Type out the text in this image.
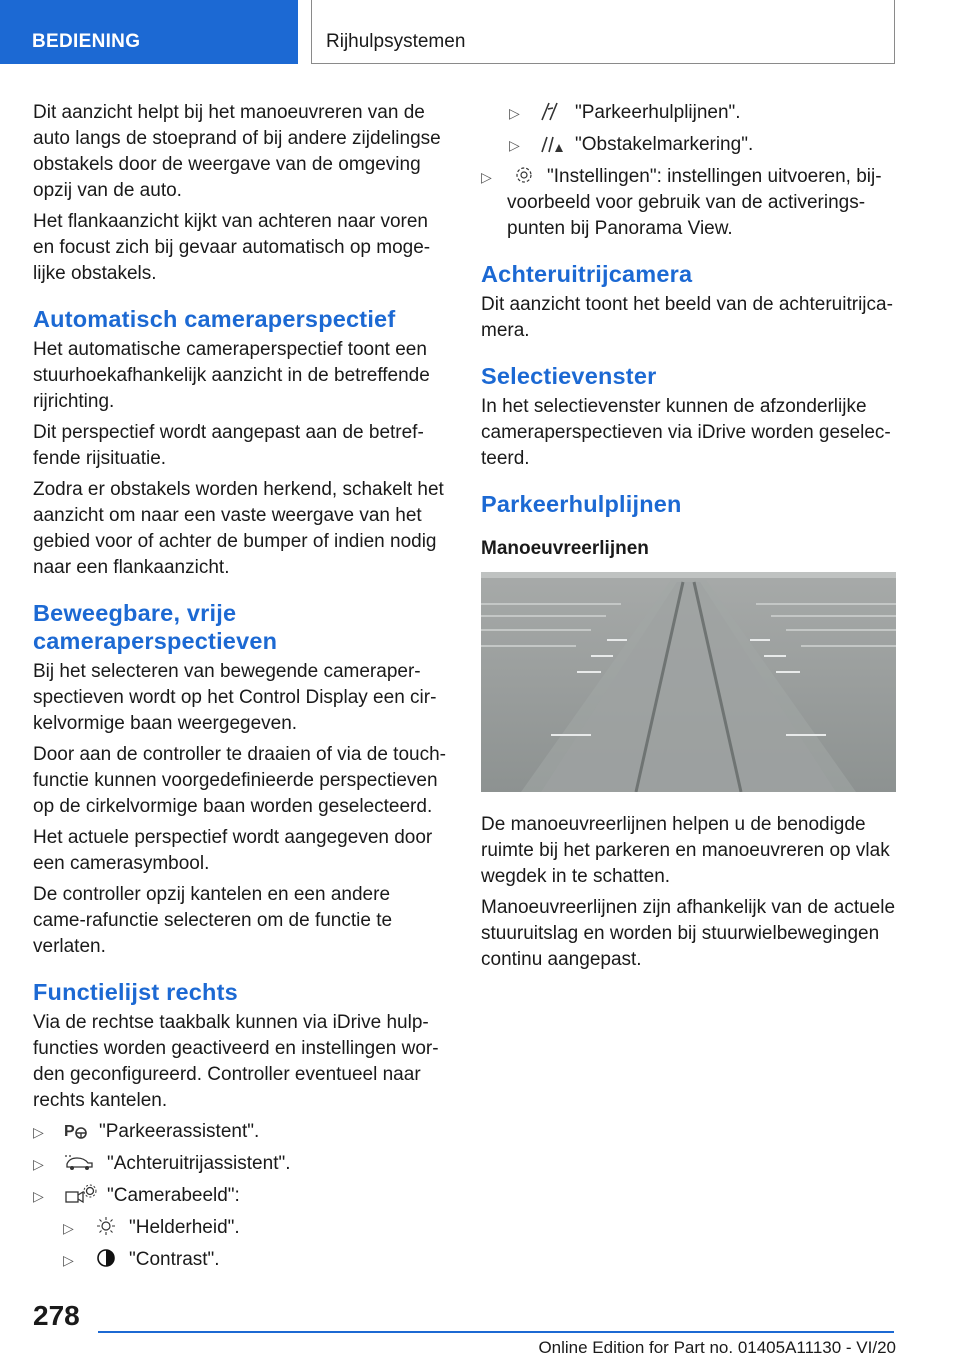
BEDIENING	Rijhulpsystemen

Dit aanzicht helpt bij het manoeuvreren van de auto langs de stoeprand of bij andere zijdelingse obstakels door de weergave van de omgeving opzij van de auto.

Het flankaanzicht kijkt van achteren naar voren en focust zich bij gevaar automatisch op moge-lijke obstakels.

Automatisch cameraperspectief

Het automatische cameraperspectief toont een stuurhoekafhankelijk aanzicht in de betreffende rijrichting.

Dit perspectief wordt aangepast aan de betref-fende rijsituatie.

Zodra er obstakels worden herkend, schakelt het aanzicht om naar een vaste weergave van het gebied voor of achter de bumper of indien nodig naar een flankaanzicht.

Beweegbare, vrije cameraperspectieven

Bij het selecteren van bewegende cameraper-spectieven wordt op het Control Display een cir-kelvormige baan weergegeven.

Door aan de controller te draaien of via de touch-functie kunnen voorgedefinieerde perspectieven op de cirkelvormige baan worden geselecteerd.

Het actuele perspectief wordt aangegeven door een camerasymbool.

De controller opzij kantelen en een andere came-rafunctie selecteren om de functie te verlaten.

Functielijst rechts

Via de rechtse taakbalk kunnen via iDrive hulp-functies worden geactiveerd en instellingen wor-den geconfigureerd. Controller eventueel naar rechts kantelen.

▷	P "Parkeerassistent".
▷	"Achteruitrijassistent".
▷	"Camerabeeld":
▷	"Helderheid".
▷	"Contrast".
▷	"Parkeerhulplijnen".
▷	"Obstakelmarkering".
▷	"Instellingen": instellingen uitvoeren, bij-voorbeeld voor gebruik van de activerings-punten bij Panorama View.
Achteruitrijcamera

Dit aanzicht toont het beeld van de achteruitrijca-mera.

Selectievenster

In het selectievenster kunnen de afzonderlijke cameraperspectieven via iDrive worden geselec-teerd.

Parkeerhulplijnen
Manoeuvreerlijnen

De manoeuvreerlijnen helpen u de benodigde ruimte bij het parkeren en manoeuvreren op vlak wegdek in te schatten.

Manoeuvreerlijnen zijn afhankelijk van de actuele stuuruitslag en worden bij stuurwielbewegingen continu aangepast.

278
Online Edition for Part no. 01405A11130 - VI/20
